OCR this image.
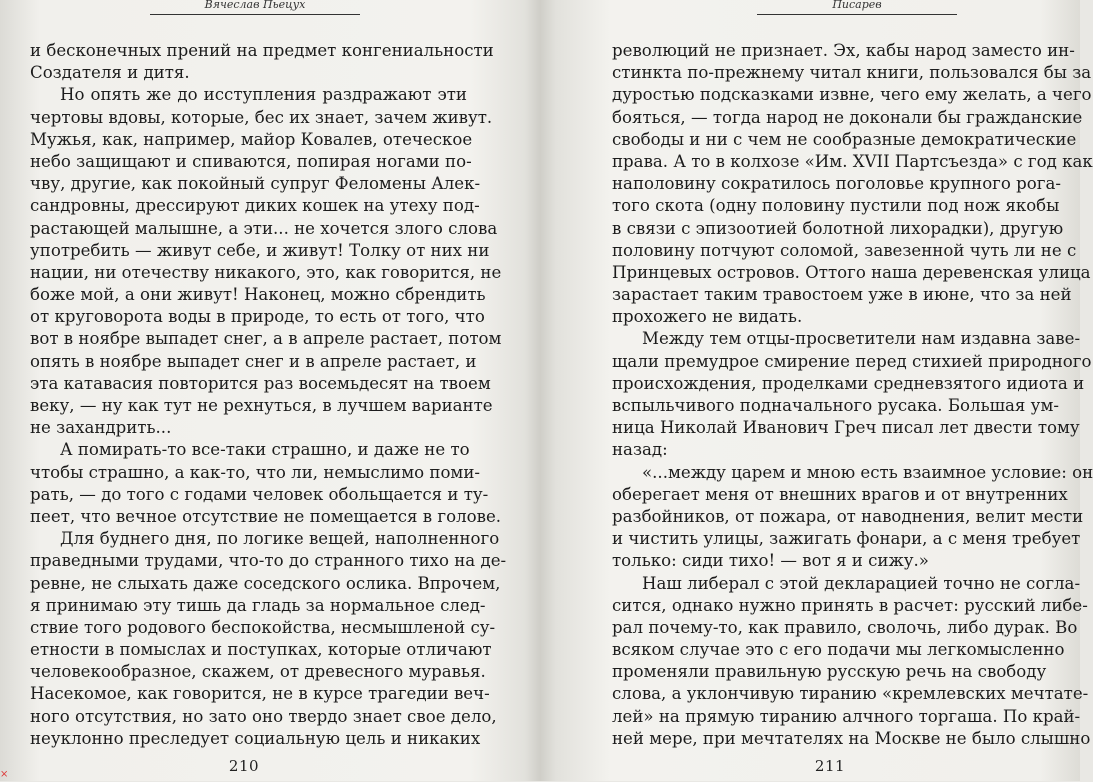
Вячеслав Пьецух	Писарев
и бесконечных прений на предмет конгениальности
Создателя и дитя.
Но опять же до исступления раздражают эти
чертовы вдовы, которые, бес их знает, зачем живут.
Мужья, как, например, майор Ковалев, отеческое
небо защищают и спиваются, попирая ногами по-
чву, другие, как покойный супруг Феломены Алек-
сандровны, дрессируют диких кошек на утеху под-
растающей малышне, а эти... не хочется злого слова
употребить — живут себе, и живут! Толку от них ни
нации, ни отечеству никакого, это, как говорится, не
боже мой, а они живут! Наконец, можно сбрендить
от круговорота воды в природе, то есть от того, что
вот в ноябре выпадет снег, а в апреле растает, потом
опять в ноябре выпадет снег и в апреле растает, и
эта катавасия повторится раз восемьдесят на твоем
веку, — ну как тут не рехнуться, в лучшем варианте
не захандрить...
А помирать-то все-таки страшно, и даже не то
чтобы страшно, а как-то, что ли, немыслимо поми-
рать, — до того с годами человек обольщается и ту-
пеет, что вечное отсутствие не помещается в голове.
Для буднего дня, по логике вещей, наполненного
праведными трудами, что-то до странного тихо на де-
ревне, не слыхать даже соседского ослика. Впрочем,
я принимаю эту тишь да гладь за нормальное след-
ствие того родового беспокойства, несмышленой су-
етности в помыслах и поступках, которые отличают
человекообразное, скажем, от древесного муравья.
Насекомое, как говорится, не в курсе трагедии веч-
ного отсутствия, но зато оно твердо знает свое дело,
неуклонно преследует социальную цель и никаких
революций не признает. Эх, кабы народ заместо ин-
стинкта по-прежнему читал книги, пользовался бы за
дуростью подсказками извне, чего ему желать, а чего
бояться, — тогда народ не доконали бы гражданские
свободы и ни с чем не сообразные демократические
права. А то в колхозе «Им. XVII Партсъезда» с год как
наполовину сократилось поголовье крупного рога-
того скота (одну половину пустили под нож якобы
в связи с эпизоотией болотной лихорадки), другую
половину потчуют соломой, завезенной чуть ли не с
Принцевых островов. Оттого наша деревенская улица
зарастает таким травостоем уже в июне, что за ней
прохожего не видать.
Между тем отцы-просветители нам издавна заве-
щали премудрое смирение перед стихией природного
происхождения, проделками средневзятого идиота и
вспыльчивого подначального русака. Большая ум-
ница Николай Иванович Греч писал лет двести тому
назад:
«...между царем и мною есть взаимное условие: он
оберегает меня от внешних врагов и от внутренних
разбойников, от пожара, от наводнения, велит мести
и чистить улицы, зажигать фонари, а с меня требует
только: сиди тихо! — вот я и сижу.»
Наш либерал с этой декларацией точно не согла-
сится, однако нужно принять в расчет: русский либе-
рал почему-то, как правило, сволочь, либо дурак. Во
всяком случае это с его подачи мы легкомысленно
променяли правильную русскую речь на свободу
слова, а уклончивую тиранию «кремлевских мечтате-
лей» на прямую тиранию алчного торгаша. По край-
ней мере, при мечтателях на Москве не было слышно
210	211
×
